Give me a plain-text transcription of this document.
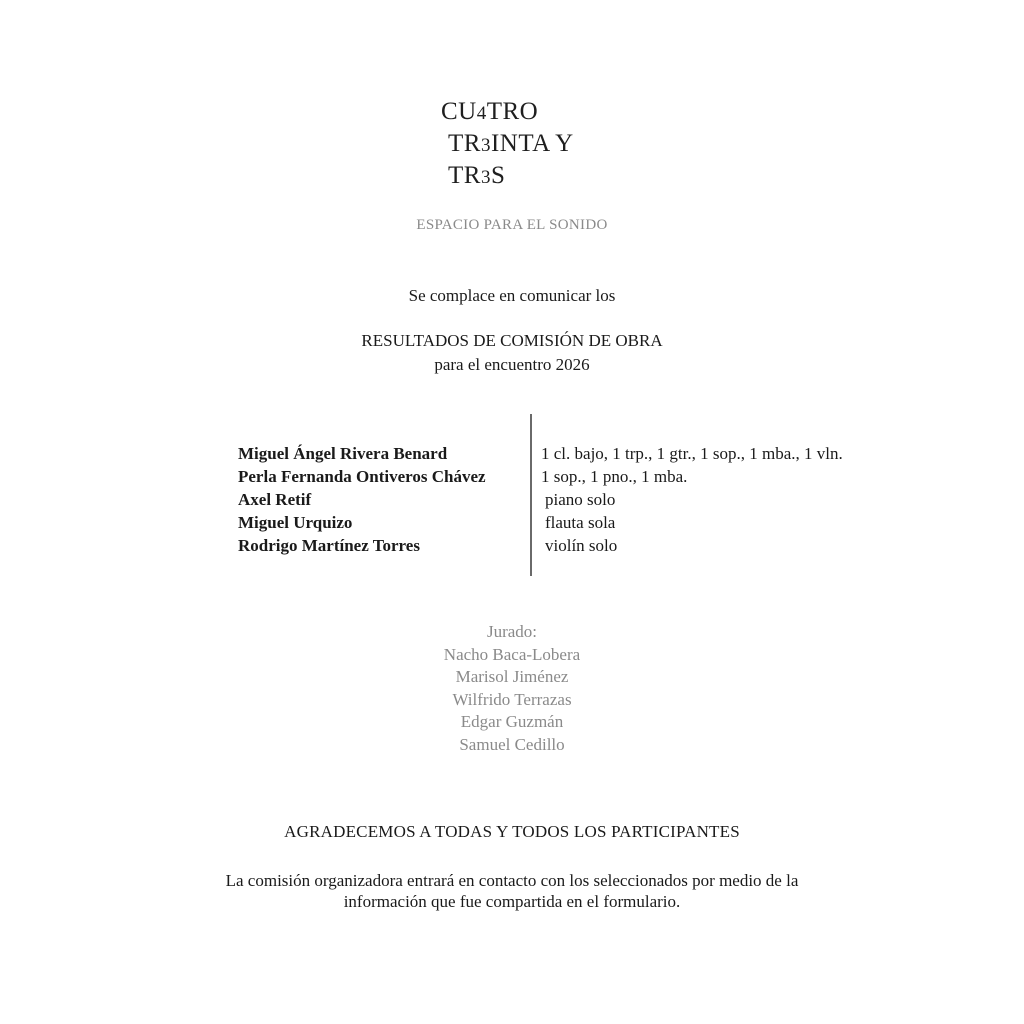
CU4TRO
TR3INTA Y
TR3S
ESPACIO PARA EL SONIDO
Se complace en comunicar los
RESULTADOS DE COMISIÓN DE OBRA
para el encuentro 2026
Miguel Ángel Rivera Benard
Perla Fernanda Ontiveros Chávez
Axel Retif
Miguel Urquizo
Rodrigo Martínez Torres
1 cl. bajo, 1 trp., 1 gtr., 1 sop., 1 mba., 1 vln.
1 sop., 1 pno., 1 mba.
piano solo
flauta sola
violín solo
Jurado:
Nacho Baca-Lobera
Marisol Jiménez
Wilfrido Terrazas
Edgar Guzmán
Samuel Cedillo
AGRADECEMOS A TODAS Y TODOS LOS PARTICIPANTES
La comisión organizadora entrará en contacto con los seleccionados por medio de la
información que fue compartida en el formulario.
